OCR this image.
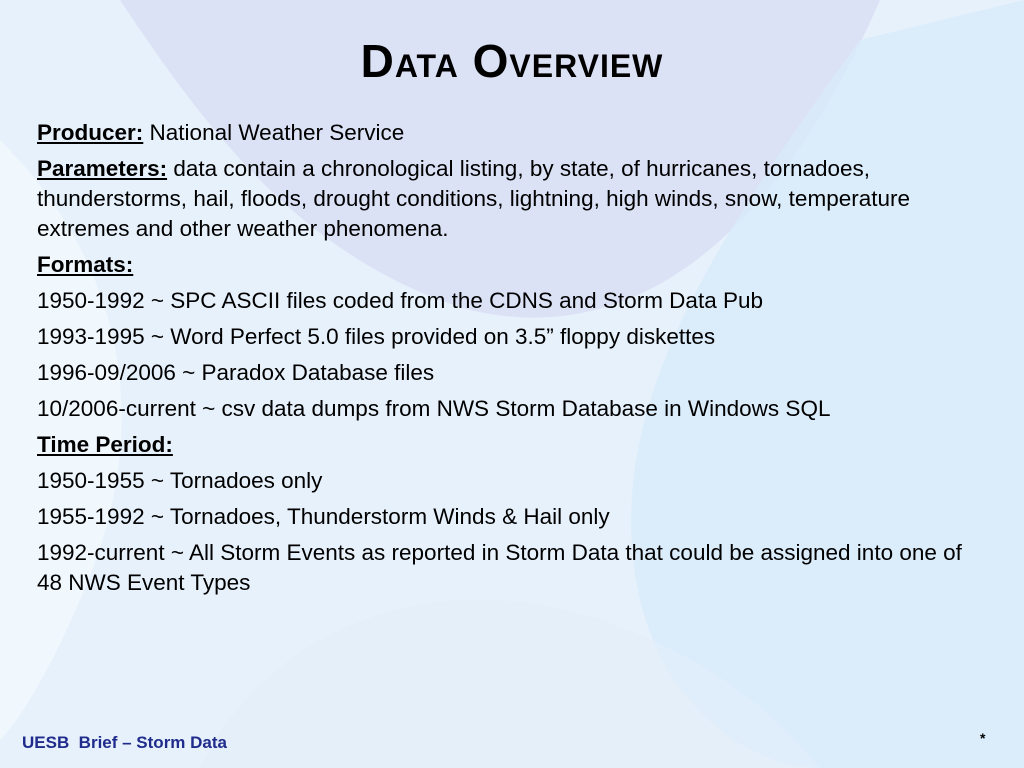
Data Overview

Producer: National Weather Service

Parameters: data contain a chronological listing, by state, of hurricanes, tornadoes, thunderstorms, hail, floods, drought conditions, lightning, high winds, snow, temperature extremes and other weather phenomena.

Formats:

1950-1992 ~ SPC ASCII files coded from the CDNS and Storm Data Pub

1993-1995 ~ Word Perfect 5.0 files provided on 3.5” floppy diskettes

1996-09/2006 ~ Paradox Database files

10/2006-current ~ csv data dumps from NWS Storm Database in Windows SQL

Time Period:

1950-1955 ~ Tornadoes only

1955-1992 ~ Tornadoes, Thunderstorm Winds & Hail only

1992-current ~ All Storm Events as reported in Storm Data that could be assigned into one of 48 NWS Event Types

UESB  Brief – Storm Data	*
